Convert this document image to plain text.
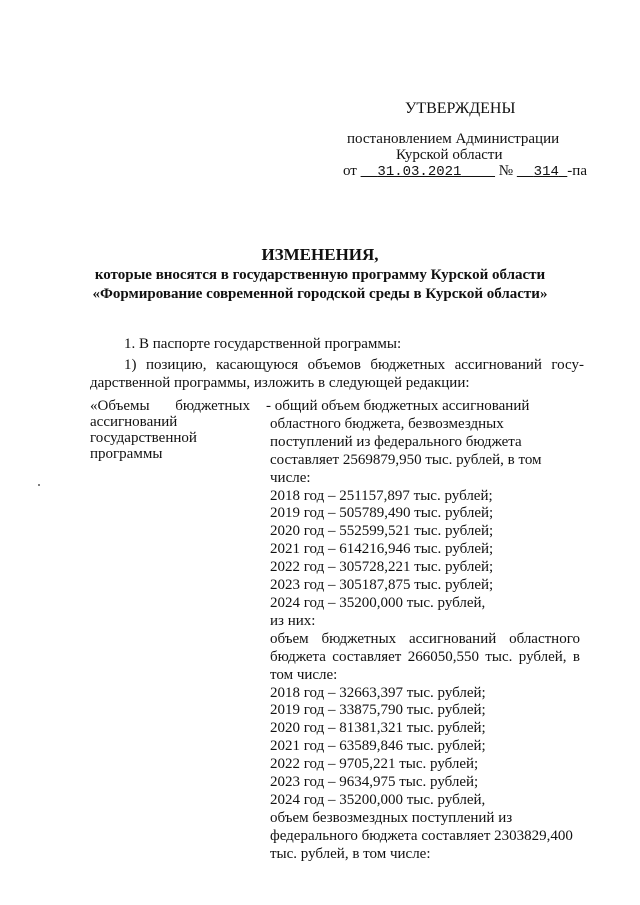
УТВЕРЖДЕНЫ
постановлением Администрации
Курской области
от 31.03.2021 № 314 -па
ИЗМЕНЕНИЯ,
которые вносятся в государственную программу Курской области
«Формирование современной городской среды в Курской области»
1. В паспорте государственной программы:
1) позицию, касающуюся объемов бюджетных ассигнований госу-
дарственной программы, изложить в следующей редакции:
«Объемы бюджетных
ассигнований
государственной
программы
- общий объем бюджетных ассигнований
областного бюджета, безвозмездных
поступлений из федерального бюджета
составляет 2569879,950 тыс. рублей, в том
числе:
2018 год – 251157,897 тыс. рублей;
2019 год – 505789,490 тыс. рублей;
2020 год – 552599,521 тыс. рублей;
2021 год – 614216,946 тыс. рублей;
2022 год – 305728,221 тыс. рублей;
2023 год – 305187,875 тыс. рублей;
2024 год – 35200,000 тыс. рублей,
из них:
объем бюджетных ассигнований областного
бюджета составляет 266050,550 тыс. рублей, в
том числе:
2018 год – 32663,397 тыс. рублей;
2019 год – 33875,790 тыс. рублей;
2020 год – 81381,321 тыс. рублей;
2021 год – 63589,846 тыс. рублей;
2022 год – 9705,221 тыс. рублей;
2023 год – 9634,975 тыс. рублей;
2024 год – 35200,000 тыс. рублей,
объем безвозмездных поступлений из
федерального бюджета составляет 2303829,400
тыс. рублей, в том числе:
